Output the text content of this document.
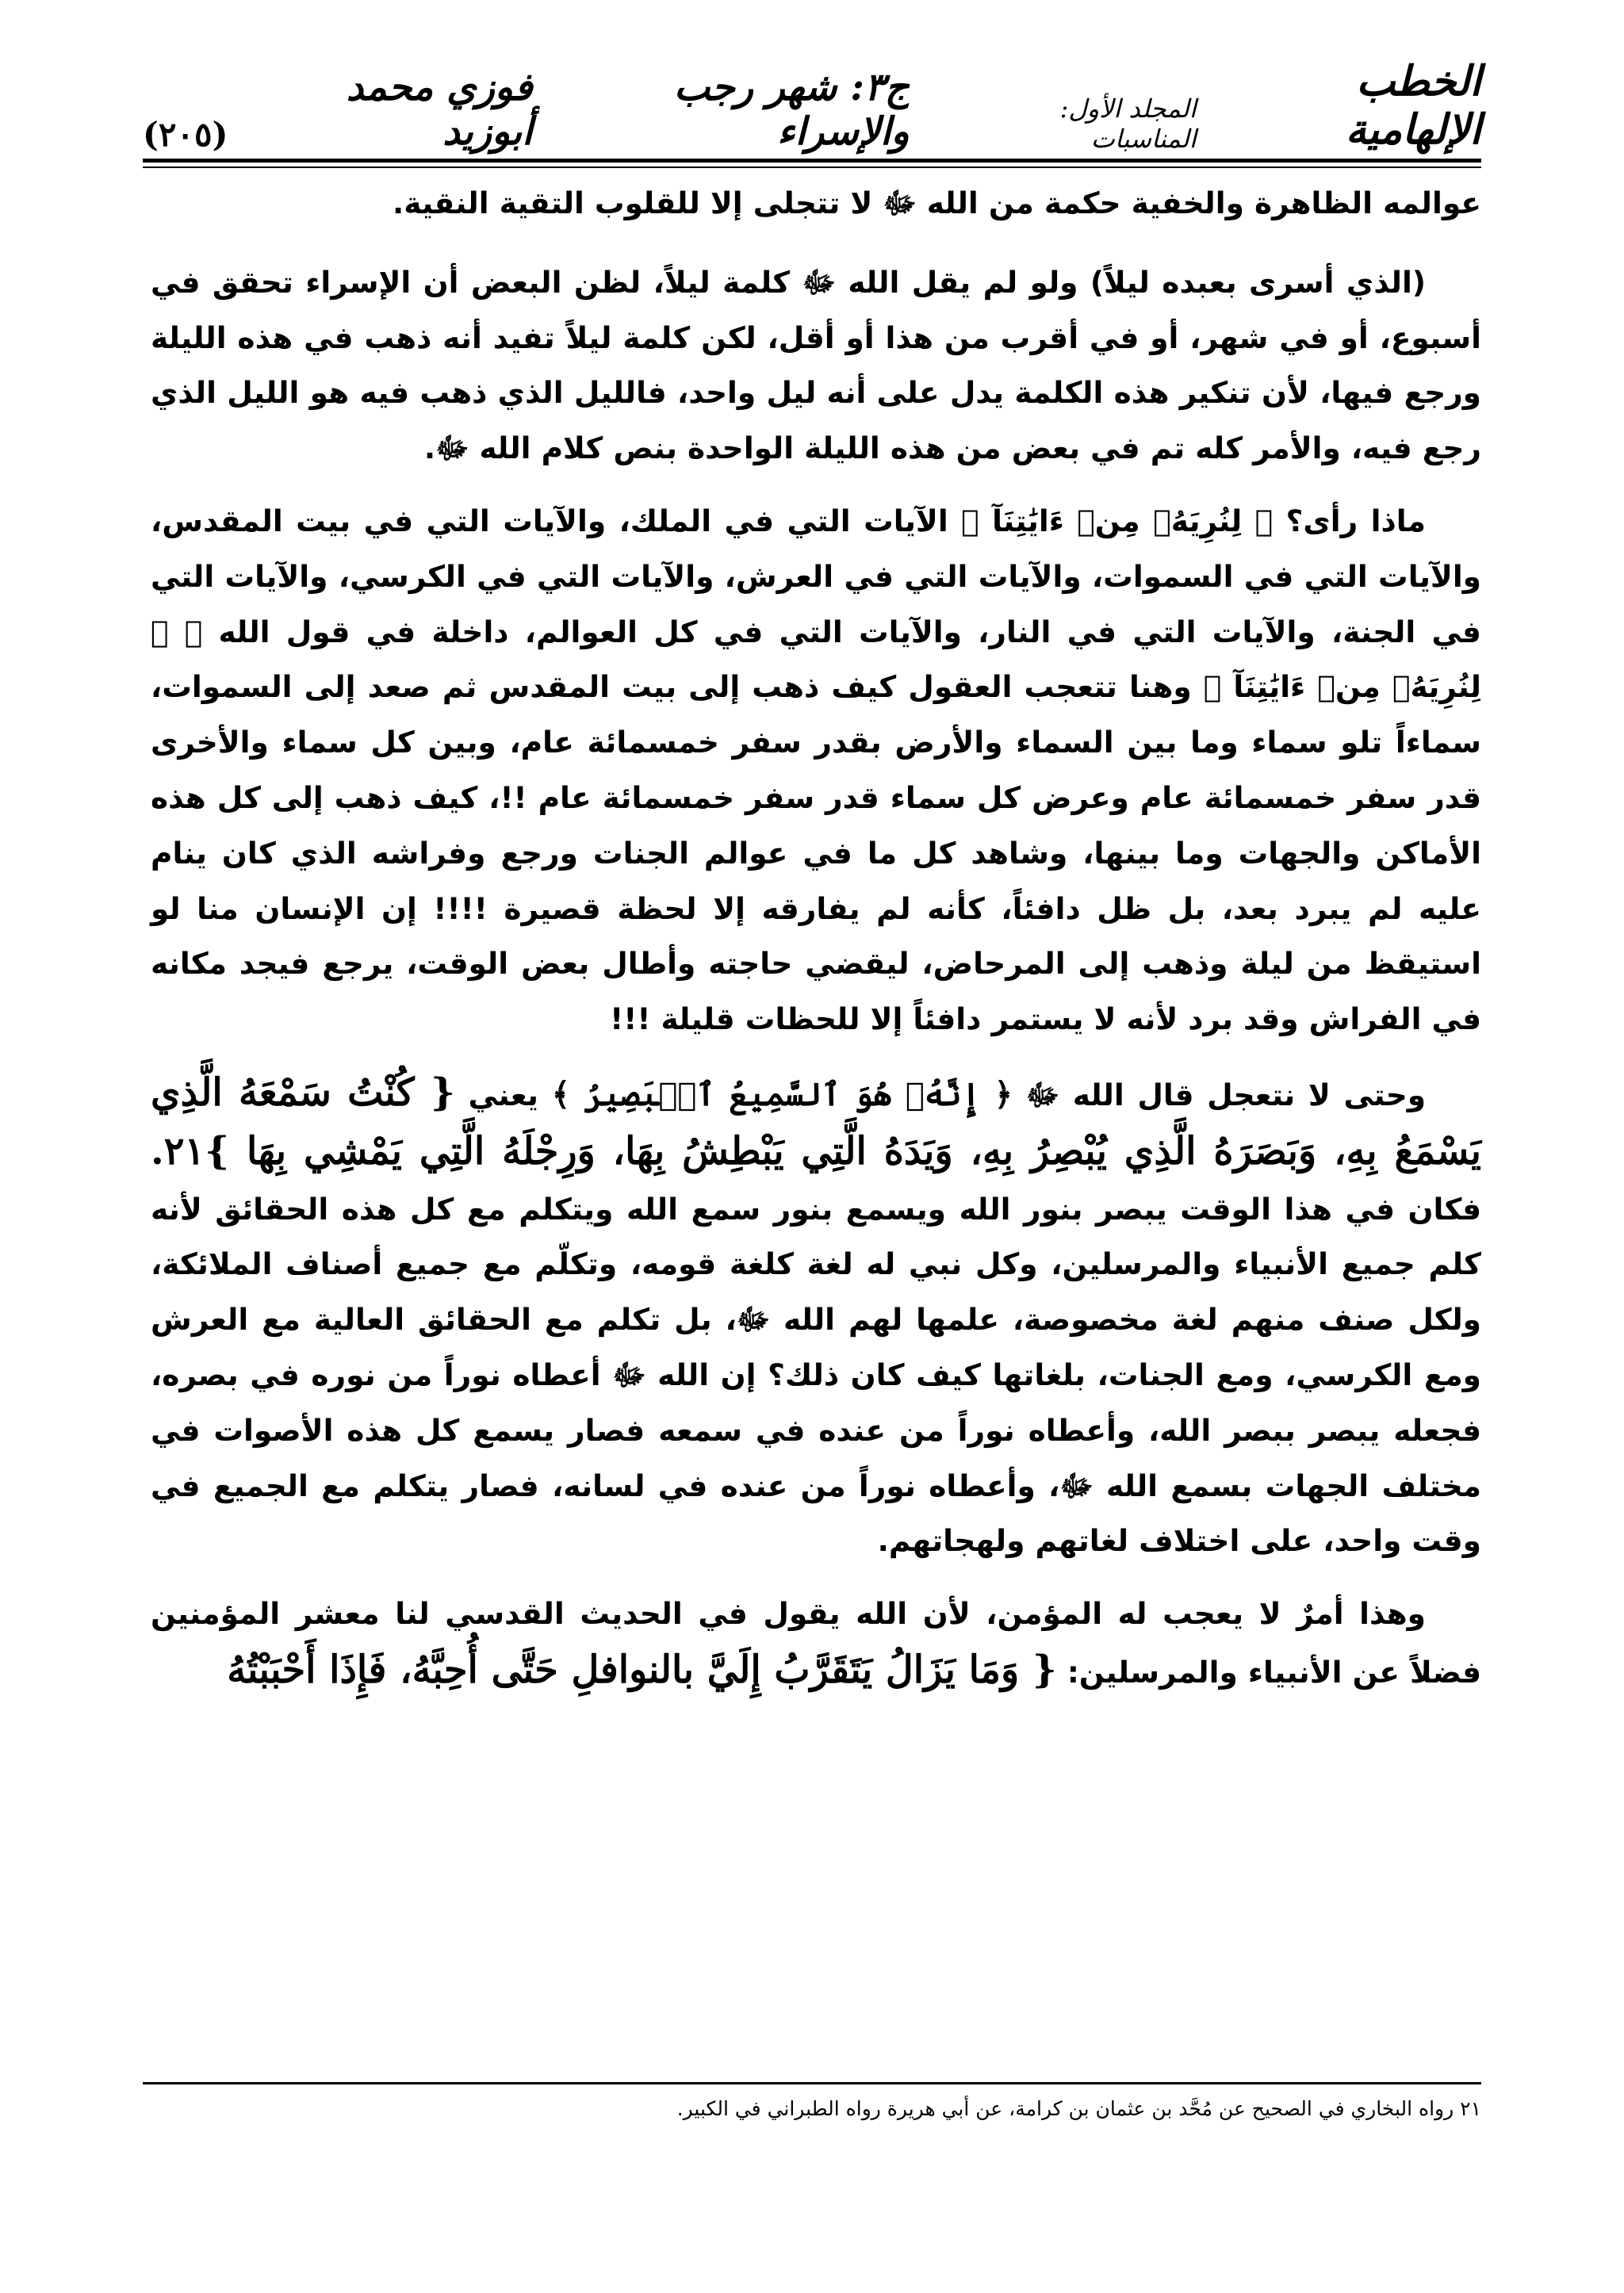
الخطب الإلهامية
المجلد الأول: المناسبات
ج٣: شهر رجب والإسراء
فوزي محمد أبوزيد
(٢٠٥)

عوالمه الظاهرة والخفية حكمة من الله ﷻ لا تتجلى إلا للقلوب التقية النقية.

(الذي أسرى بعبده ليلاً) ولو لم يقل الله ﷻ كلمة ليلاً، لظن البعض أن الإسراء تحقق في أسبوع، أو في شهر، أو في أقرب من هذا أو أقل، لكن كلمة ليلاً تفيد أنه ذهب في هذه الليلة ورجع فيها، لأن تنكير هذه الكلمة يدل على أنه ليل واحد، فالليل الذي ذهب فيه هو الليل الذي رجع فيه، والأمر كله تم في بعض من هذه الليلة الواحدة بنص كلام الله ﷻ.

ماذا رأى؟ ﴿ لِنُرِيَهُۥ مِنۡ ءَايَٰتِنَآ ﴾ الآيات التي في الملك، والآيات التي في بيت المقدس، والآيات التي في السموات، والآيات التي في العرش، والآيات التي في الكرسي، والآيات التي في الجنة، والآيات التي في النار، والآيات التي في كل العوالم، داخلة في قول الله ﷻ ﴿ لِنُرِيَهُۥ مِنۡ ءَايَٰتِنَآ ﴾ وهنا تتعجب العقول كيف ذهب إلى بيت المقدس ثم صعد إلى السموات، سماءاً تلو سماء وما بين السماء والأرض بقدر سفر خمسمائة عام، وبين كل سماء والأخرى قدر سفر خمسمائة عام وعرض كل سماء قدر سفر خمسمائة عام !!، كيف ذهب إلى كل هذه الأماكن والجهات وما بينها، وشاهد كل ما في عوالم الجنات ورجع وفراشه الذي كان ينام عليه لم يبرد بعد، بل ظل دافئاً، كأنه لم يفارقه إلا لحظة قصيرة !!!! إن الإنسان منا لو استيقظ من ليلة وذهب إلى المرحاض، ليقضي حاجته وأطال بعض الوقت، يرجع فيجد مكانه في الفراش وقد برد لأنه لا يستمر دافئاً إلا للحظات قليلة !!!

وحتى لا نتعجل قال الله ﷻ ﴿ إِنَّهُۥ هُوَ ٱلسَّمِيعُ ٱلۡبَصِيرُ ﴾ يعني { كُنْتُ سَمْعَهُ الَّذِي يَسْمَعُ بِهِ، وَبَصَرَهُ الَّذِي يُبْصِرُ بِهِ، وَيَدَهُ الَّتِي يَبْطِشُ بِهَا، وَرِجْلَهُ الَّتِي يَمْشِي بِهَا }٢١. فكان في هذا الوقت يبصر بنور الله ويسمع بنور سمع الله ويتكلم مع كل هذه الحقائق لأنه كلم جميع الأنبياء والمرسلين، وكل نبي له لغة كلغة قومه، وتكلّم مع جميع أصناف الملائكة، ولكل صنف منهم لغة مخصوصة، علمها لهم الله ﷻ، بل تكلم مع الحقائق العالية مع العرش ومع الكرسي، ومع الجنات، بلغاتها كيف كان ذلك؟ إن الله ﷻ أعطاه نوراً من نوره في بصره، فجعله يبصر ببصر الله، وأعطاه نوراً من عنده في سمعه فصار يسمع كل هذه الأصوات في مختلف الجهات بسمع الله ﷻ، وأعطاه نوراً من عنده في لسانه، فصار يتكلم مع الجميع في وقت واحد، على اختلاف لغاتهم ولهجاتهم.

وهذا أمرٌ لا يعجب له المؤمن، لأن الله يقول في الحديث القدسي لنا معشر المؤمنين فضلاً عن الأنبياء والمرسلين: { وَمَا يَزَالُ يَتَقَرَّبُ إِلَيَّ بالنوافلِ حَتَّى أُحِبَّهُ، فَإِذَا أَحْبَبْتُهُ

٢١ رواه البخاري في الصحيح عن مُحَّد بن عثمان بن كرامة، عن أبي هريرة رواه الطبراني في الكبير.
